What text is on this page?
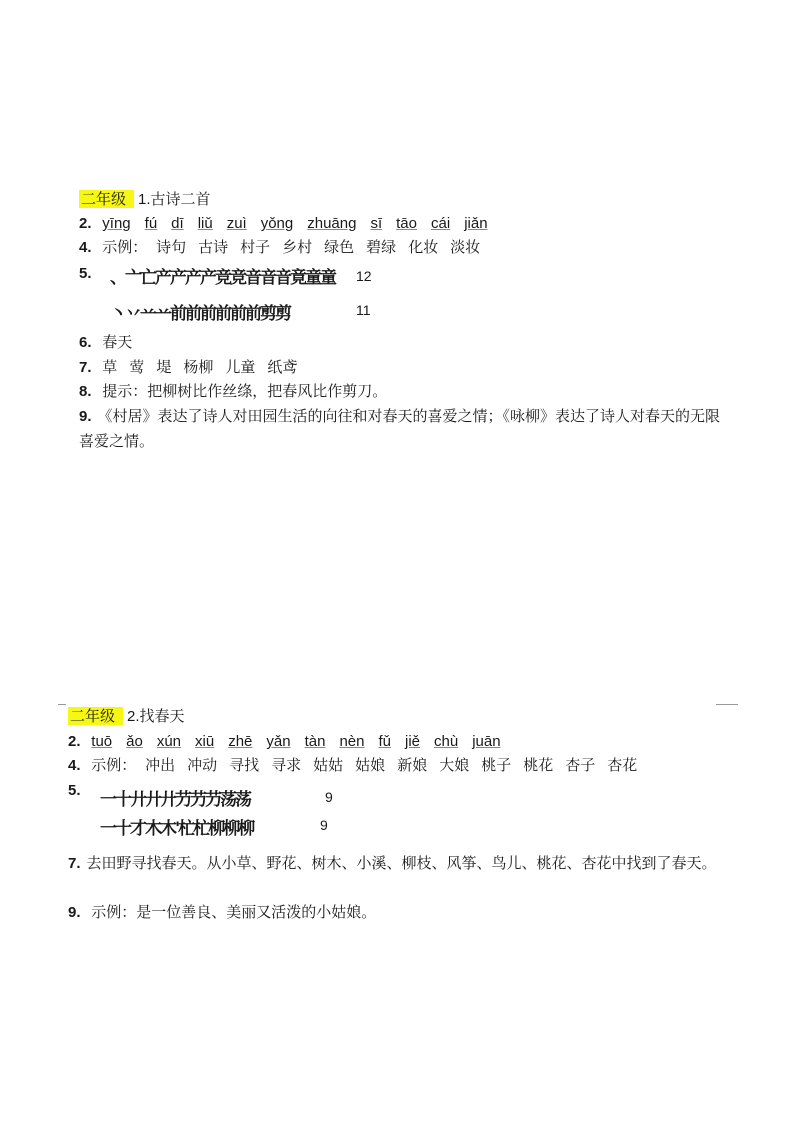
二年级 1.古诗二首
2. yīng fú dī liǔ zuì yǒng zhuāng sī tāo cái jiǎn
4. 示例： 诗句 古诗 村子 乡村 绿色 碧绿 化妆 淡妆
5.	、亠亡产产产产竞竞音音音竟童童 12
丶丷䒑䒑前前前前前前剪剪	11
6. 春天
7. 草 莺 堤 杨柳 儿童 纸鸢
8. 提示：把柳树比作丝绦，把春风比作剪刀。
9. 《村居》表达了诗人对田园生活的向往和对春天的喜爱之情；《咏柳》表达了诗人对春天的无限喜爱之情。
二年级 2.找春天
2. tuō ǎo xún xiū zhē yǎn tàn nèn fǔ jiě chù juān
4. 示例： 冲出 冲动 寻找 寻求 姑姑 姑娘 新娘 大娘 桃子 桃花 杏子 杏花
5.	一十廾廾廾芀芀芀荡荡	9
一十才木木'杧杧柳柳柳	9
7. 去田野寻找春天。从小草、野花、树木、小溪、柳枝、风筝、鸟儿、桃花、杏花中找到了春天。
9. 示例：是一位善良、美丽又活泼的小姑娘。
